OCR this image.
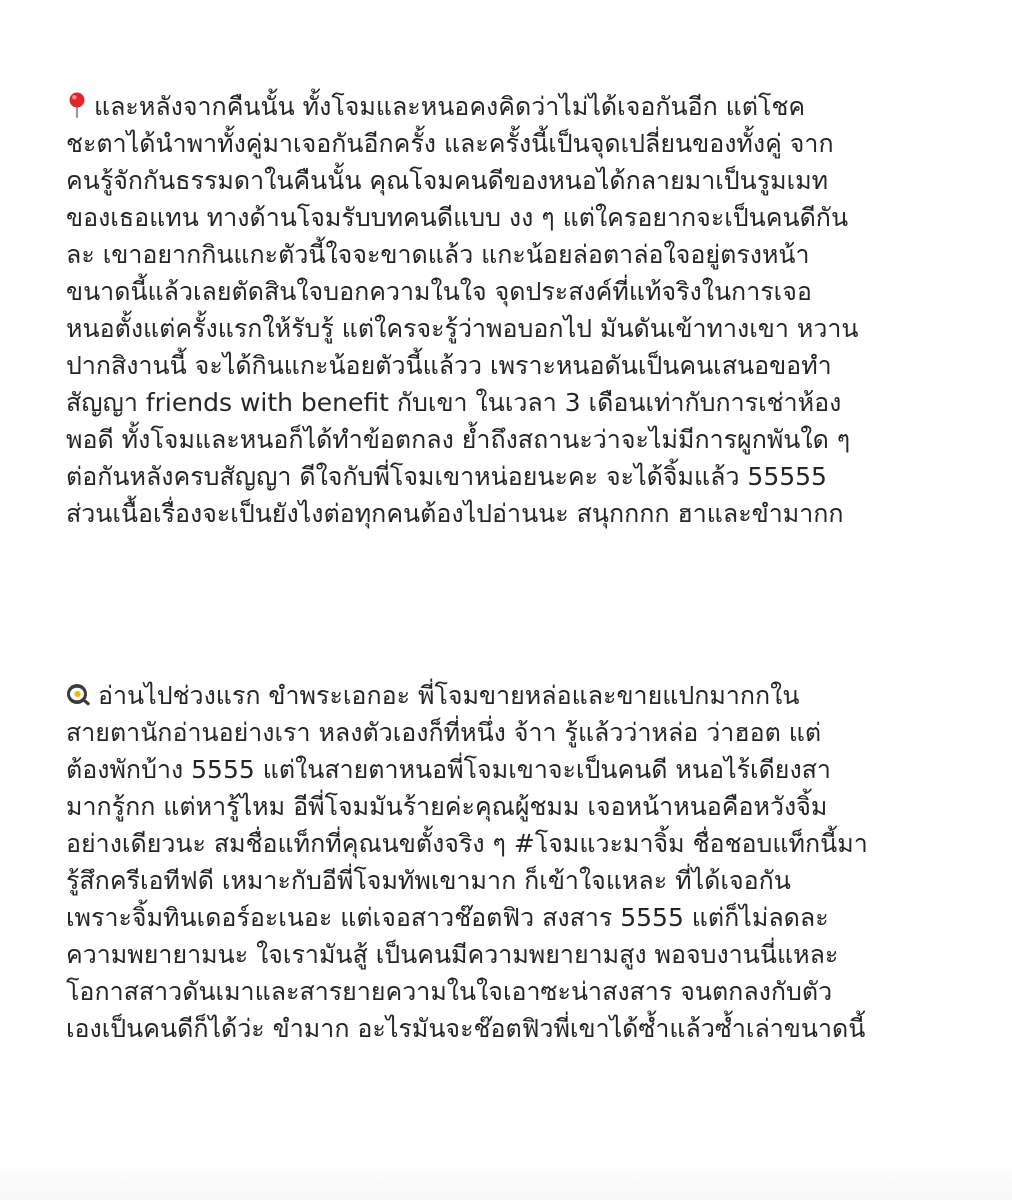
และหลังจากคืนนั้น ทั้งโจมและหนอคงคิดว่าไม่ได้เจอกันอีก แต่โชค
ชะตาได้นำพาทั้งคู่มาเจอกันอีกครั้ง และครั้งนี้เป็นจุดเปลี่ยนของทั้งคู่ จาก
คนรู้จักกันธรรมดาในคืนนั้น คุณโจมคนดีของหนอได้กลายมาเป็นรูมเมท
ของเธอแทน ทางด้านโจมรับบทคนดีแบบ งง ๆ แต่ใครอยากจะเป็นคนดีกัน
ละ เขาอยากกินแกะตัวนี้ใจจะขาดแล้ว แกะน้อยล่อตาล่อใจอยู่ตรงหน้า
ขนาดนี้แล้วเลยตัดสินใจบอกความในใจ จุดประสงค์ที่แท้จริงในการเจอ
หนอตั้งแต่ครั้งแรกให้รับรู้ แต่ใครจะรู้ว่าพอบอกไป มันดันเข้าทางเขา หวาน
ปากสิงานนี้ จะได้กินแกะน้อยตัวนี้แล้วว เพราะหนอดันเป็นคนเสนอขอทำ
สัญญา friends with benefit กับเขา ในเวลา 3 เดือนเท่ากับการเช่าห้อง
พอดี ทั้งโจมและหนอก็ได้ทำข้อตกลง ย้ำถึงสถานะว่าจะไม่มีการผูกพันใด ๆ
ต่อกันหลังครบสัญญา ดีใจกับพี่โจมเขาหน่อยนะคะ จะได้จิ้มแล้ว 55555
ส่วนเนื้อเรื่องจะเป็นยังไงต่อทุกคนต้องไปอ่านนะ สนุกกกก ฮาและขำมากก
อ่านไปช่วงแรก ขำพระเอกอะ พี่โจมขายหล่อและขายแปกมากกใน
สายตานักอ่านอย่างเรา หลงตัวเองก็ที่หนึ่ง จ้าา รู้แล้วว่าหล่อ ว่าฮอต แต่
ต้องพักบ้าง 5555 แต่ในสายตาหนอพี่โจมเขาจะเป็นคนดี หนอไร้เดียงสา
มากรู้กก แต่หารู้ไหม อีพี่โจมมันร้ายค่ะคุณผู้ชมม เจอหน้าหนอคือหวังจิ้ม
อย่างเดียวนะ สมชื่อแท็กที่คุณนขตั้งจริง ๆ #โจมแวะมาจิ้ม ชื่อชอบแท็กนี้มา
รู้สึกครีเอทีฟดี เหมาะกับอีพี่โจมทัพเขามาก ก็เข้าใจแหละ ที่ได้เจอกัน
เพราะจิ้มทินเดอร์อะเนอะ แต่เจอสาวช๊อตฟิว สงสาร 5555 แต่ก็ไม่ลดละ
ความพยายามนะ ใจเรามันสู้ เป็นคนมีความพยายามสูง พอจบงานนี่แหละ
โอกาสสาวดันเมาและสารยายความในใจเอาซะน่าสงสาร จนตกลงกับตัว
เองเป็นคนดีก็ได้ว่ะ ขำมาก อะไรมันจะช๊อตฟิวพี่เขาได้ซ้ำแล้วซ้ำเล่าขนาดนี้
